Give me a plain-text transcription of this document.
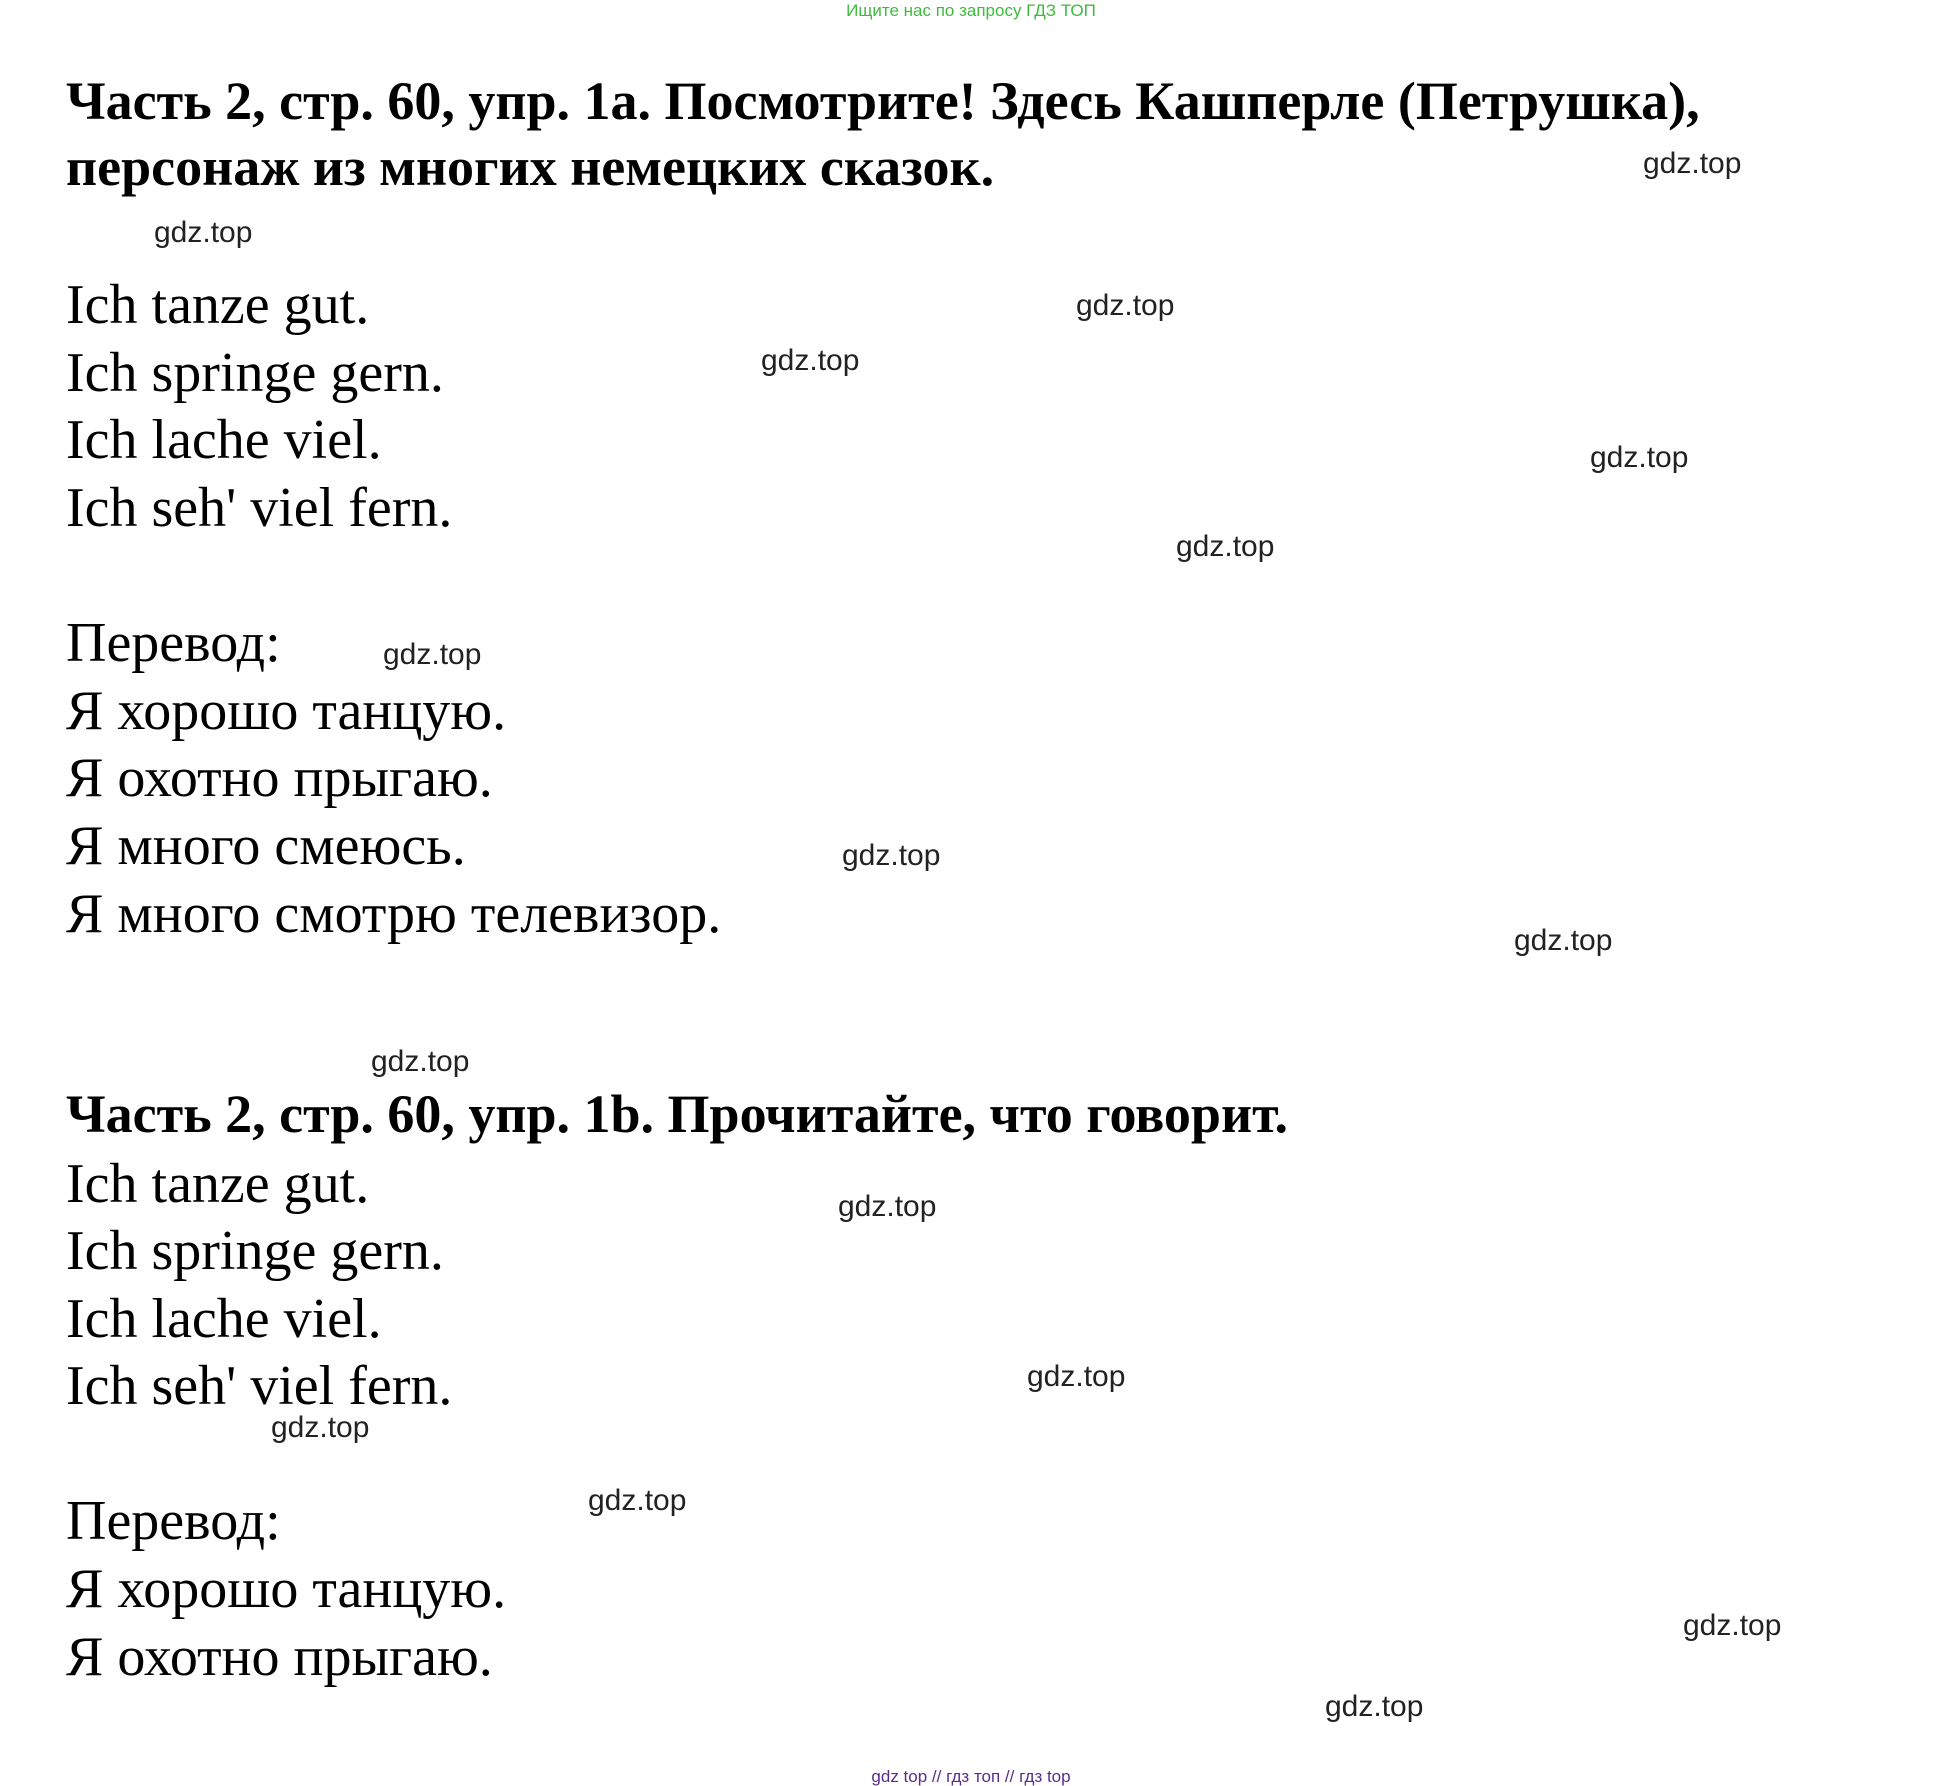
Ищите нас по запросу ГДЗ ТОП
Часть 2, стр. 60, упр. 1a. Посмотрите! Здесь Кашперле (Петрушка),
персонаж из многих немецких сказок.
Ich tanze gut.
Ich springe gern.
Ich lache viel.
Ich seh' viel fern.
Перевод:
Я хорошо танцую.
Я охотно прыгаю.
Я много смеюсь.
Я много смотрю телевизор.
Часть 2, стр. 60, упр. 1b. Прочитайте, что говорит.
Ich tanze gut.
Ich springe gern.
Ich lache viel.
Ich seh' viel fern.
Перевод:
Я хорошо танцую.
Я охотно прыгаю.
gdz.top
gdz.top
gdz.top
gdz.top
gdz.top
gdz.top
gdz.top
gdz.top
gdz.top
gdz.top
gdz.top
gdz.top
gdz.top
gdz.top
gdz.top
gdz.top
gdz top // гдз топ // гдз top
